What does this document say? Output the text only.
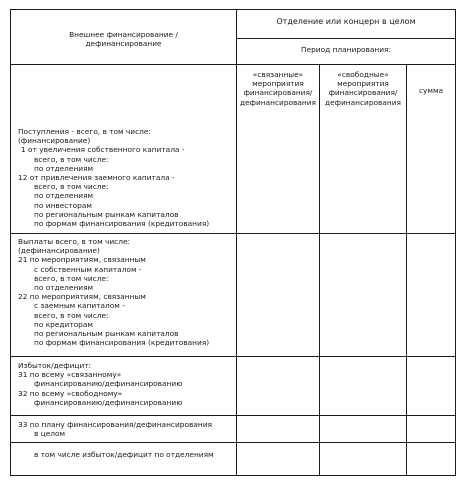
Внешнее финансирование /
дефинансирование
Отделение или концерн в целом
Период планирования:
«связанные»
мероприятия
финансирования/
дефинансирования
«свободные»
мероприятия
финансирования/
дефинансирования
сумма
Поступления - всего, в том числе:
(финансирование)
1 от увеличения собственного капитала -
всего, в том числе:
по отделениям
12 от привлечения заемного капитала -
всего, в том числе:
по отделениям
по инвесторам
по региональным рынкам капиталов
по формам финансирования (кредитования)
Выплаты всего, в том числе:
(дефинансирование)
21 по мероприятиям, связанным
с собственным капиталом -
всего, в том числе:
по отделениям
22 по мероприятиям, связанным
с заемным капиталом -
всего, в том числе:
по кредиторам
по региональным рынкам капиталов
по формам финансирования (кредитования)
Избыток/дефицит:
31 по всему «связанному»
финансированию/дефинансированию
32 по всему «свободному»
финансированию/дефинансированию
33 по плану финансирования/дефинансирования
в целом
в том числе избыток/дефицит по отделениям
